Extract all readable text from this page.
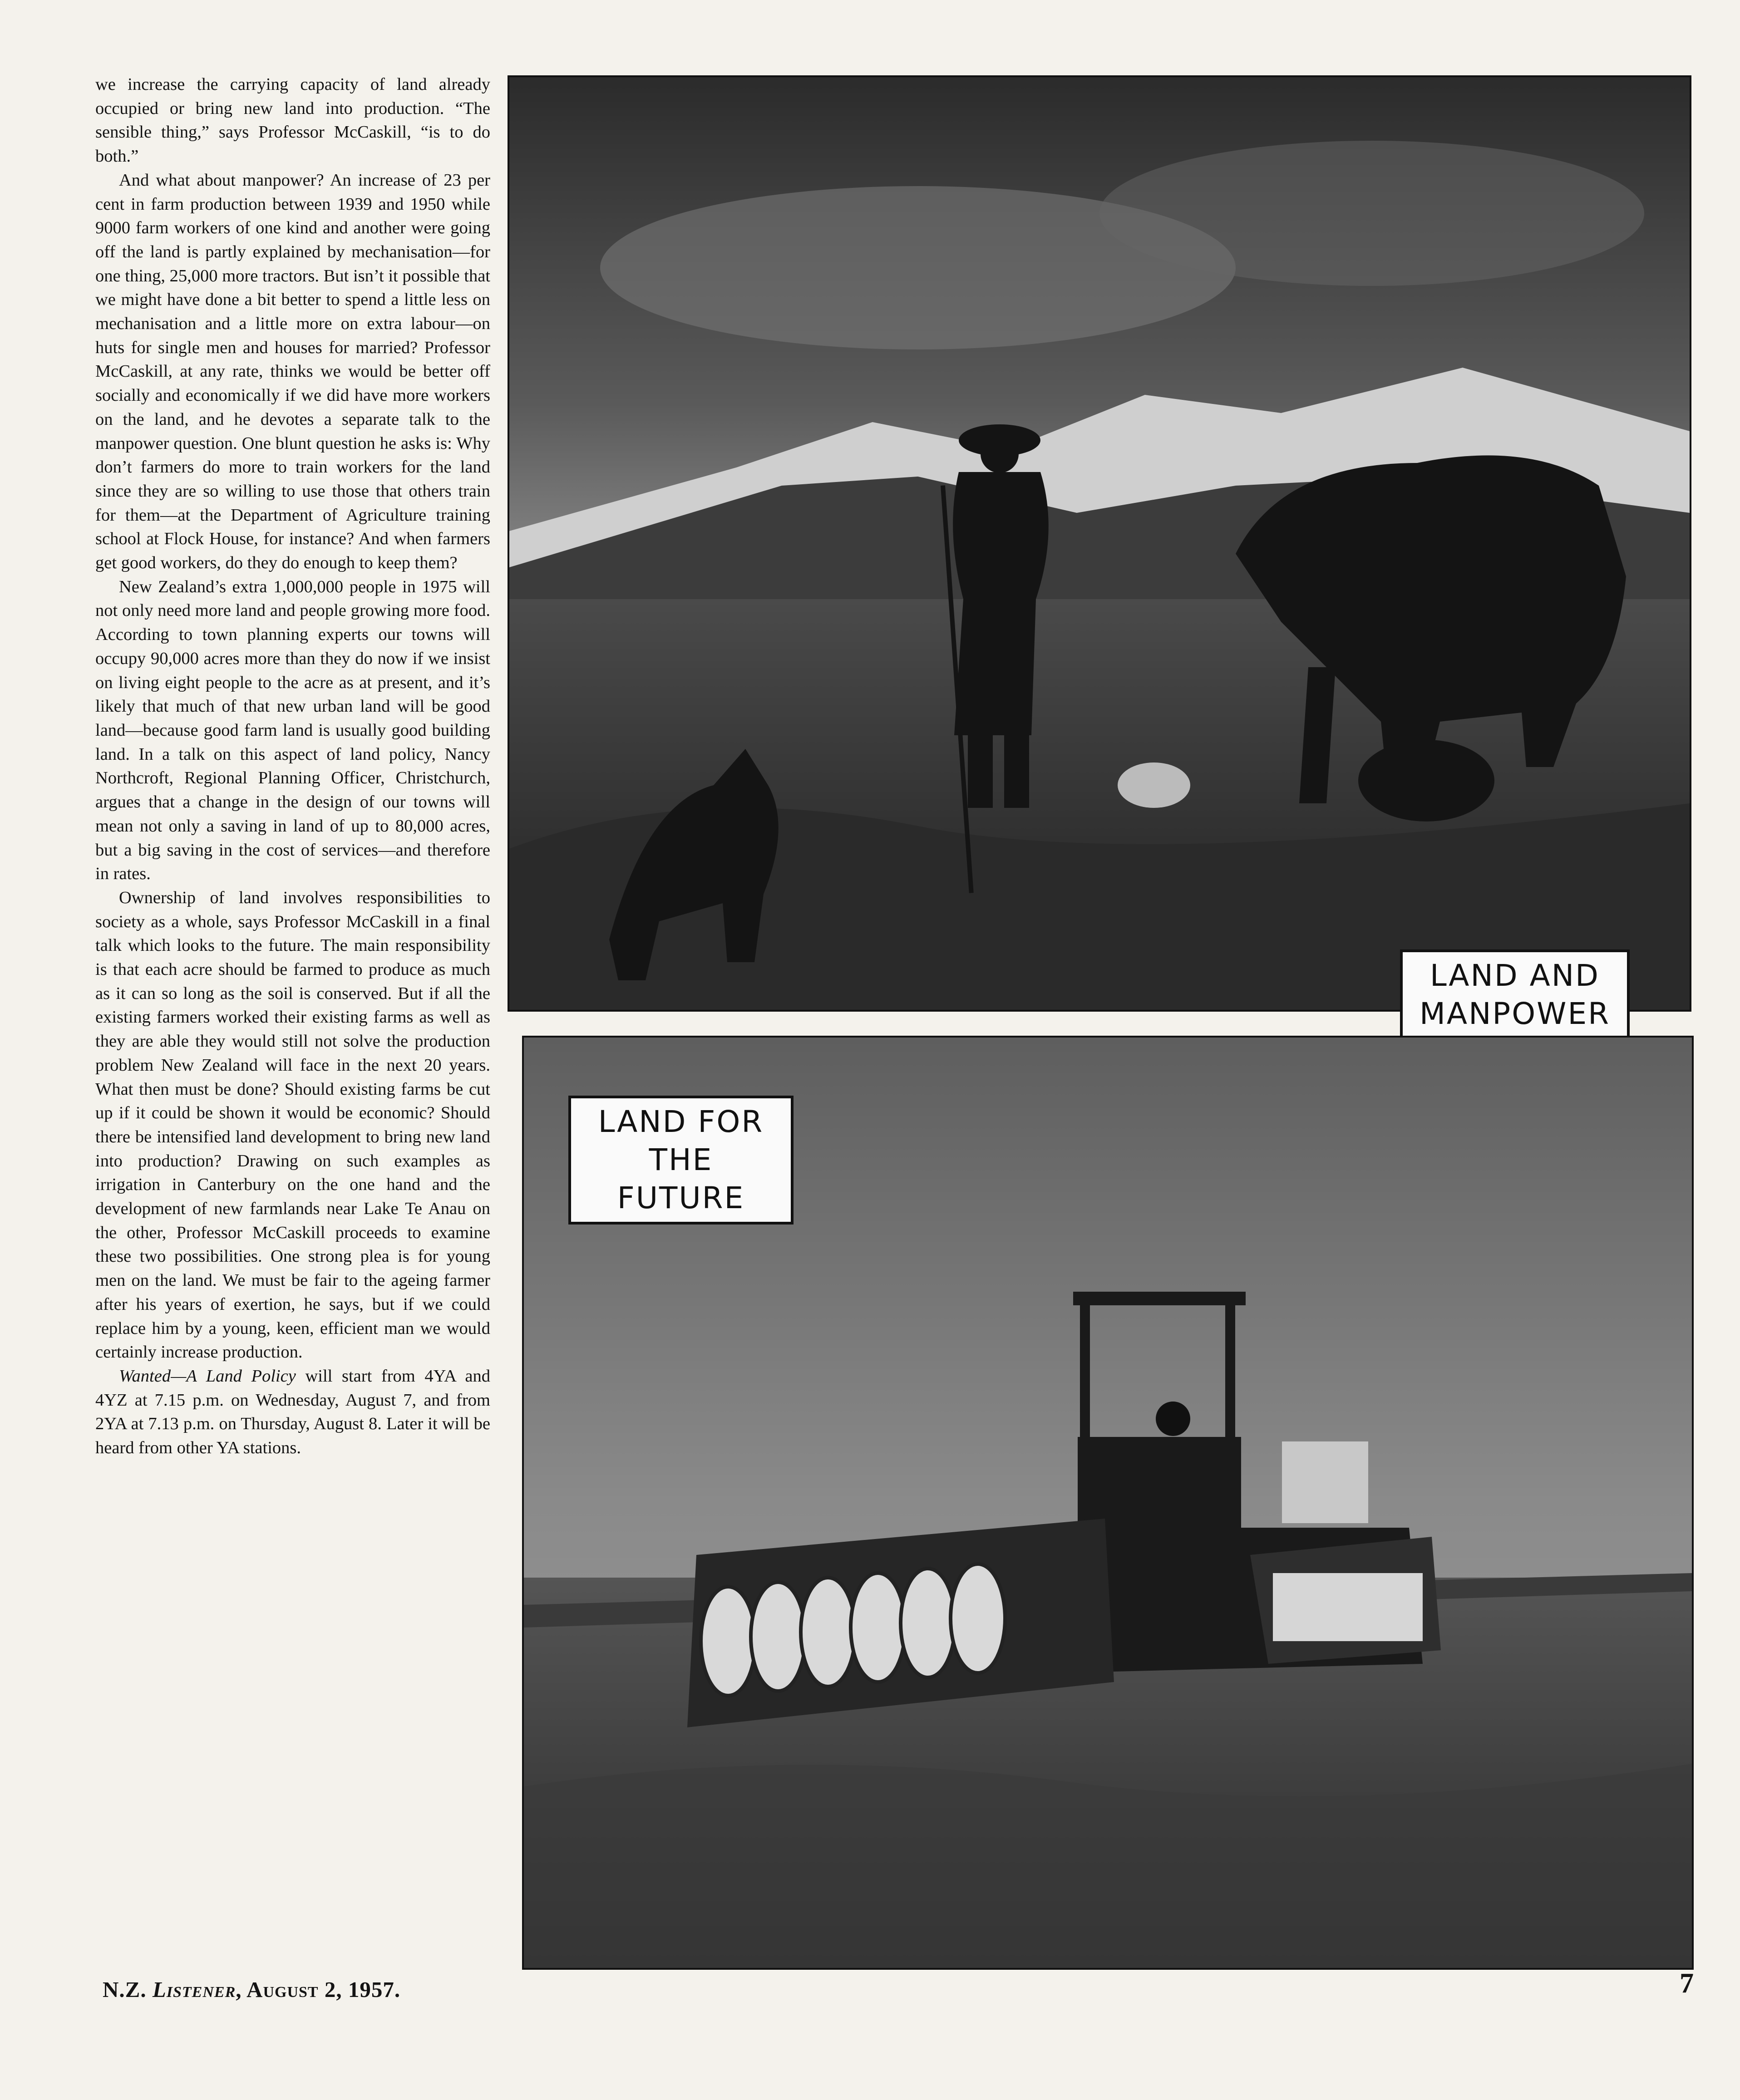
we increase the carrying capacity of land already occupied or bring new land into production. “The sensible thing,” says Professor McCaskill, “is to do both.”

And what about manpower? An increase of 23 per cent in farm production between 1939 and 1950 while 9000 farm workers of one kind and another were going off the land is partly explained by mechanisation—for one thing, 25,000 more tractors. But isn’t it possible that we might have done a bit better to spend a little less on mechanisation and a little more on extra labour—on huts for single men and houses for married? Professor McCaskill, at any rate, thinks we would be better off socially and economically if we did have more workers on the land, and he devotes a separate talk to the manpower question. One blunt question he asks is: Why don’t farmers do more to train workers for the land since they are so willing to use those that others train for them—at the Department of Agriculture training school at Flock House, for instance? And when farmers get good workers, do they do enough to keep them?

New Zealand’s extra 1,000,000 people in 1975 will not only need more land and people growing more food. According to town planning experts our towns will occupy 90,000 acres more than they do now if we insist on living eight people to the acre as at present, and it’s likely that much of that new urban land will be good land—because good farm land is usually good building land. In a talk on this aspect of land policy, Nancy Northcroft, Regional Planning Officer, Christchurch, argues that a change in the design of our towns will mean not only a saving in land of up to 80,000 acres, but a big saving in the cost of services—and therefore in rates.

Ownership of land involves responsibilities to society as a whole, says Professor McCaskill in a final talk which looks to the future. The main responsibility is that each acre should be farmed to produce as much as it can so long as the soil is conserved. But if all the existing farmers worked their existing farms as well as they are able they would still not solve the production problem New Zealand will face in the next 20 years. What then must be done? Should existing farms be cut up if it could be shown it would be economic? Should there be intensified land development to bring new land into production? Drawing on such examples as irrigation in Canterbury on the one hand and the development of new farmlands near Lake Te Anau on the other, Professor McCaskill proceeds to examine these two possibilities. One strong plea is for young men on the land. We must be fair to the ageing farmer after his years of exertion, he says, but if we could replace him by a young, keen, efficient man we would certainly increase production.

Wanted—A Land Policy will start from 4YA and 4YZ at 7.15 p.m. on Wednesday, August 7, and from 2YA at 7.13 p.m. on Thursday, August 8. Later it will be heard from other YA stations.

LAND AND
MANPOWER
LAND FOR
THE FUTURE
N.Z. Listener, August 2, 1957.	7
